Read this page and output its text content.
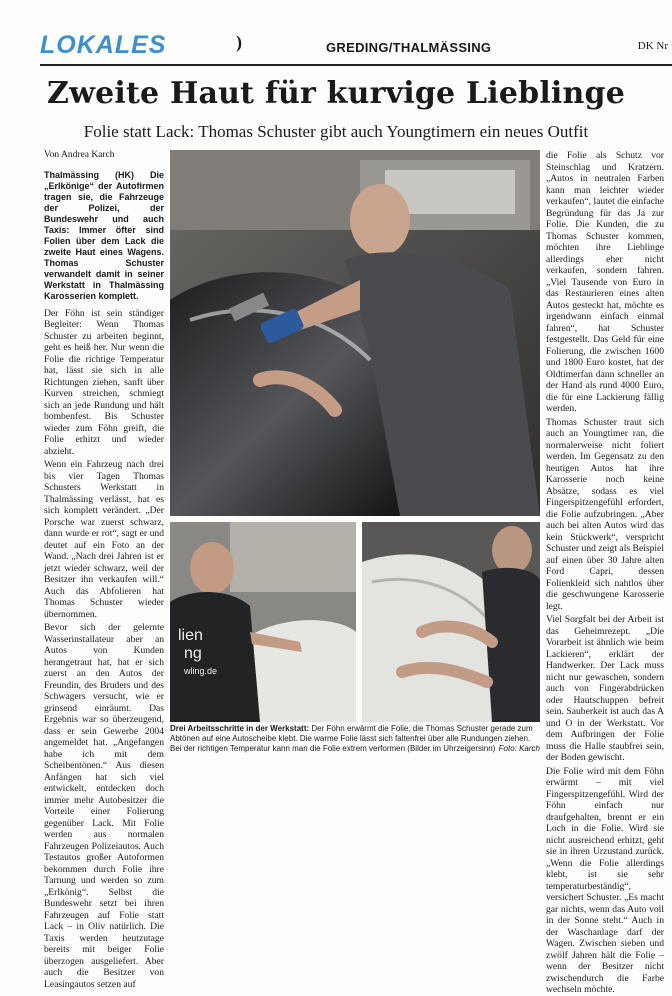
LOKALES	)	GREDING/THALMÄSSING	DK Nr
Zweite Haut für kurvige Lieblinge
Folie statt Lack: Thomas Schuster gibt auch Youngtimern ein neues Outfit
Von Andrea Karch

Thalmässing (HK) Die „Erlkönige“ der Autofirmen tragen sie, die Fahrzeuge der Polizei, der Bundeswehr und auch Taxis: Immer öfter sind Folien über dem Lack die zweite Haut eines Wagens. Thomas Schuster verwandelt damit in seiner Werkstatt in Thalmässing Karosserien komplett.

Der Föhn ist sein ständiger Begleiter: Wenn Thomas Schuster zu arbeiten beginnt, geht es heiß her. Nur wenn die Folie die richtige Temperatur hat, lässt sie sich in alle Richtungen ziehen, sanft über Kurven streichen, schmiegt sich an jede Rundung und hält bombenfest. Bis Schuster wieder zum Föhn greift, die Folie erhitzt und wieder abzieht.

Wenn ein Fahrzeug nach drei bis vier Tagen Thomas Schusters Werkstatt in Thalmässing verlässt, hat es sich komplett verändert. „Der Porsche war zuerst schwarz, dann wurde er rot“, sagt er und deutet auf ein Foto an der Wand. „Nach drei Jahren ist er jetzt wieder schwarz, weil der Besitzer ihn verkaufen will.“ Auch das Abfolieren hat Thomas Schuster wieder übernommen.

Bevor sich der gelernte Wasserinstallateur aber an Autos von Kunden herangetraut hat, hat er sich zuerst an den Autos der Freundin, des Bruders und des Schwagers versucht, wie er grinsend einräumt. Das Ergebnis war so überzeugend, dass er sein Gewerbe 2004 angemeldet hat. „Angefangen habe ich mit dem Scheibentönen.“ Aus diesen Anfängen hat sich viel entwickelt, entdecken doch immer mehr Autobesitzer die Vorteile einer Folierung gegenüber Lack. Mit Folie werden aus normalen Fahrzeugen Polizeiautos. Auch Testautos großer Autoformen bekommen durch Folie ihre Tarnung und werden so zum „Erlkönig“. Selbst die Bundeswehr setzt bei ihren Fahrzeugen auf Folie statt Lack – in Oliv natürlich. Die Taxis werden heutzutage bereits mit beiger Folie überzogen ausgeliefert. Aber auch die Besitzer von Leasingautos setzen auf

lien
ng
wling.de
Drei Arbeitsschritte in der Werkstatt: Der Föhn erwärmt die Folie, die Thomas Schuster gerade zum Abtönen auf eine Autoscheibe klebt. Die warme Folie lässt sich faltenfrei über alle Rundungen ziehen. Bei der richtigen Temperatur kann man die Folie extrem verformen (Bilder im Uhrzeigersinn) Foto: Karch

die Folie als Schutz vor Steinschlag und Kratzern. „Autos in neutralen Farben kann man leichter wieder verkaufen“, lautet die einfache Begründung für das Ja zur Folie. Die Kunden, die zu Thomas Schuster kommen, möchten ihre Lieblinge allerdings eher nicht verkaufen, sondern fahren. „Viel Tausende von Euro in das Restaurieren eines alten Autos gesteckt hat, möchte es irgendwann einfach einmal fahren“, hat Schuster festgestellt. Das Geld für eine Folierung, die zwischen 1600 und 1800 Euro kostet, hat der Oldtimerfan dann schneller an der Hand als rund 4000 Euro, die für eine Lackierung fällig werden.

Thomas Schuster traut sich auch an Youngtimer ran, die normalerweise nicht foliert werden. Im Gegensatz zu den heutigen Autos hat ihre Karosserie noch keine Absätze, sodass es viel Fingerspitzengefühl erfordert, die Folie aufzubringen. „Aber auch bei alten Autos wird das kein Stückwerk“, verspricht Schuster und zeigt als Beispiel auf einen über 30 Jahre alten Ford Capri, dessen Folienkleid sich nahtlos über die geschwungene Karosserie legt.

Viel Sorgfalt bei der Arbeit ist das Geheimrezept. „Die Vorarbeit ist ähnlich wie beim Lackieren“, erklärt der Handwerker. Der Lack muss nicht nur gewaschen, sondern auch von Fingerabdrücken oder Hautschuppen befreit sein. Sauberkeit ist auch das A und O in der Werkstatt. Vor dem Aufbringen der Folie muss die Halle staubfrei sein, der Boden gewischt.

Die Folie wird mit dem Föhn erwärmt – mit viel Fingerspitzengefühl. Wird der Föhn einfach nur draufgehalten, brennt er ein Loch in die Folie. Wird sie nicht ausreichend erhitzt, geht sie in ihren Urzustand zurück. „Wenn die Folie allerdings klebt, ist sie sehr temperaturbeständig“, versichert Schuster. „Es macht gar nichts, wenn das Auto voll in der Sonne steht.“ Auch in der Waschanlage darf der Wagen. Zwischen sieben und zwölf Jahren hält die Folie – wenn der Besitzer nicht zwischendurch die Farbe wechseln möchte.
